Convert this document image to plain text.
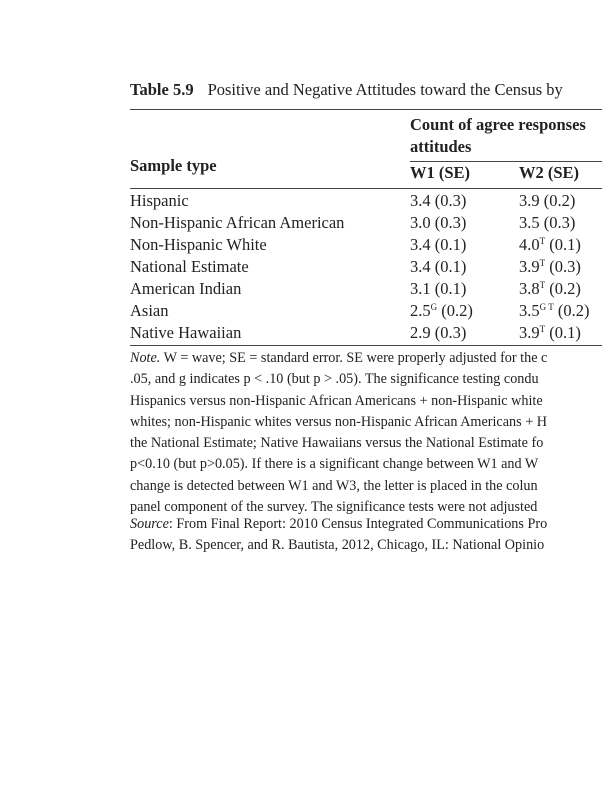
Table 5.9 Positive and Negative Attitudes toward the Census by
Count of agree responses
attitudes
Sample type	W1 (SE)	W2 (SE)
Hispanic	3.4 (0.3)	3.9 (0.2)
Non-Hispanic African American	3.0 (0.3)	3.5 (0.3)
Non-Hispanic White	3.4 (0.1)	$4.0^T$ (0.1)
National Estimate	3.4 (0.1)	$3.9^T$ (0.3)
American Indian	3.1 (0.1)	$3.8^T$ (0.2)
Asian	$2.5^G$ (0.2)	$3.5^{G T}$ (0.2)
Native Hawaiian	2.9 (0.3)	$3.9^T$ (0.1)
Note. W = wave; SE = standard error. SE were properly adjusted for the c
.05, and g indicates p < .10 (but p > .05). The significance testing condu
Hispanics versus non-Hispanic African Americans + non-Hispanic white
whites; non-Hispanic whites versus non-Hispanic African Americans + H
the National Estimate; Native Hawaiians versus the National Estimate fo
p<0.10 (but p>0.05). If there is a significant change between W1 and W
change is detected between W1 and W3, the letter is placed in the colun
panel component of the survey. The significance tests were not adjusted
Source: From Final Report: 2010 Census Integrated Communications Pro
Pedlow, B. Spencer, and R. Bautista, 2012, Chicago, IL: National Opinio
